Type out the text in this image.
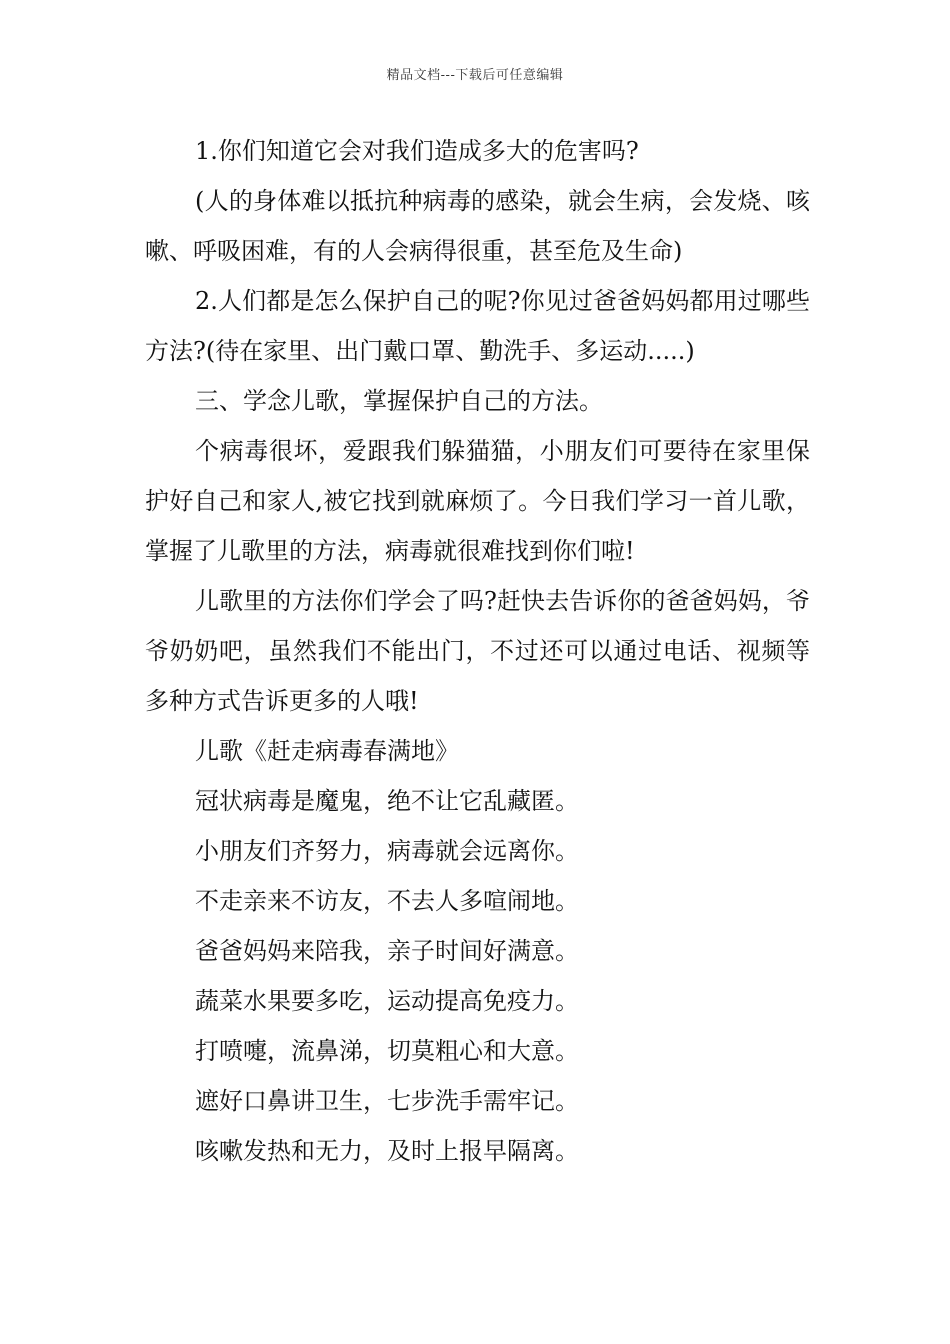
精品文档---下载后可任意编辑

1.你们知道它会对我们造成多大的危害吗?

(人的身体难以抵抗种病毒的感染，就会生病，会发烧、咳嗽、呼吸困难，有的人会病得很重，甚至危及生命)

2.人们都是怎么保护自己的呢?你见过爸爸妈妈都用过哪些方法?(待在家里、出门戴口罩、勤洗手、多运动.....)

三、学念儿歌，掌握保护自己的方法。

个病毒很坏，爱跟我们躲猫猫，小朋友们可要待在家里保护好自己和家人,被它找到就麻烦了。今日我们学习一首儿歌，掌握了儿歌里的方法，病毒就很难找到你们啦!

儿歌里的方法你们学会了吗?赶快去告诉你的爸爸妈妈，爷爷奶奶吧，虽然我们不能出门，不过还可以通过电话、视频等多种方式告诉更多的人哦!

儿歌《赶走病毒春满地》

冠状病毒是魔鬼，绝不让它乱藏匿。

小朋友们齐努力，病毒就会远离你。

不走亲来不访友，不去人多喧闹地。

爸爸妈妈来陪我，亲子时间好满意。

蔬菜水果要多吃，运动提高免疫力。

打喷嚏，流鼻涕，切莫粗心和大意。

遮好口鼻讲卫生，七步洗手需牢记。

咳嗽发热和无力，及时上报早隔离。
